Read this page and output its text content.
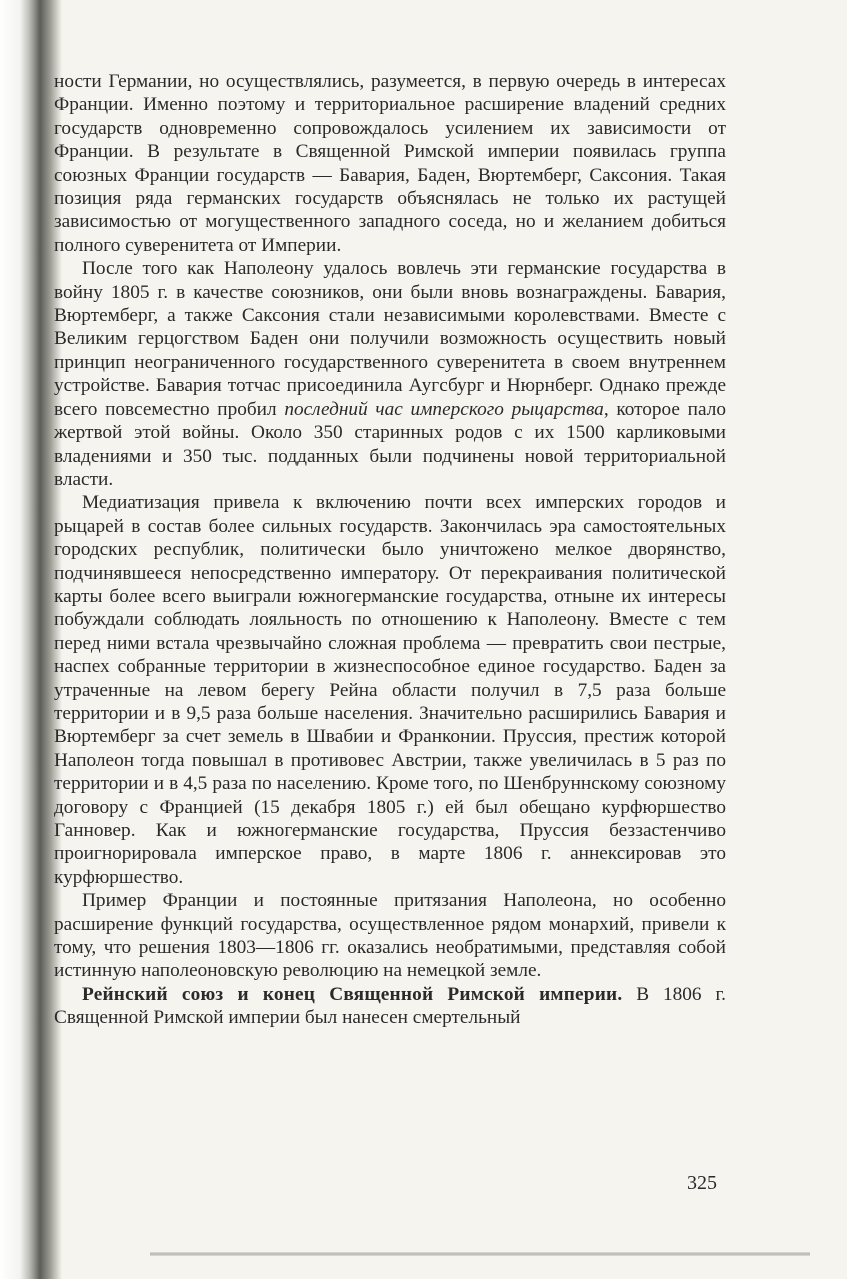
ности Германии, но осуществлялись, разумеется, в первую очередь в интересах Франции. Именно поэтому и территориальное расширение владений средних государств одновременно сопровождалось усилением их зависимости от Франции. В результате в Священной Римской империи появилась группа союзных Франции государств — Бавария, Баден, Вюртемберг, Саксония. Такая позиция ряда германских государств объяснялась не только их растущей зависимостью от могущественного западного соседа, но и желанием добиться полного суверенитета от Империи.

После того как Наполеону удалось вовлечь эти германские государства в войну 1805 г. в качестве союзников, они были вновь вознаграждены. Бавария, Вюртемберг, а также Саксония стали независимыми королевствами. Вместе с Великим герцогством Баден они получили возможность осуществить новый принцип неограниченного государственного суверенитета в своем внутреннем устройстве. Бавария тотчас присоединила Аугсбург и Нюрнберг. Однако прежде всего повсеместно пробил последний час имперского рыцарства, которое пало жертвой этой войны. Около 350 старинных родов с их 1500 карликовыми владениями и 350 тыс. подданных были подчинены новой территориальной власти.

Медиатизация привела к включению почти всех имперских городов и рыцарей в состав более сильных государств. Закончилась эра самостоятельных городских республик, политически было уничтожено мелкое дворянство, подчинявшееся непосредственно императору. От перекраивания политической карты более всего выиграли южногерманские государства, отныне их интересы побуждали соблюдать лояльность по отношению к Наполеону. Вместе с тем перед ними встала чрезвычайно сложная проблема — превратить свои пестрые, наспех собранные территории в жизнеспособное единое государство. Баден за утраченные на левом берегу Рейна области получил в 7,5 раза больше территории и в 9,5 раза больше населения. Значительно расширились Бавария и Вюртемберг за счет земель в Швабии и Франконии. Пруссия, престиж которой Наполеон тогда повышал в противовес Австрии, также увеличилась в 5 раз по территории и в 4,5 раза по населению. Кроме того, по Шенбруннскому союзному договору с Францией (15 декабря 1805 г.) ей был обещано курфюршество Ганновер. Как и южногерманские государства, Пруссия беззастенчиво проигнорировала имперское право, в марте 1806 г. аннексировав это курфюршество.

Пример Франции и постоянные притязания Наполеона, но особенно расширение функций государства, осуществленное рядом монархий, привели к тому, что решения 1803—1806 гг. оказались необратимыми, представляя собой истинную наполеоновскую революцию на немецкой земле.

Рейнский союз и конец Священной Римской империи. В 1806 г. Священной Римской империи был нанесен смертельный

325
